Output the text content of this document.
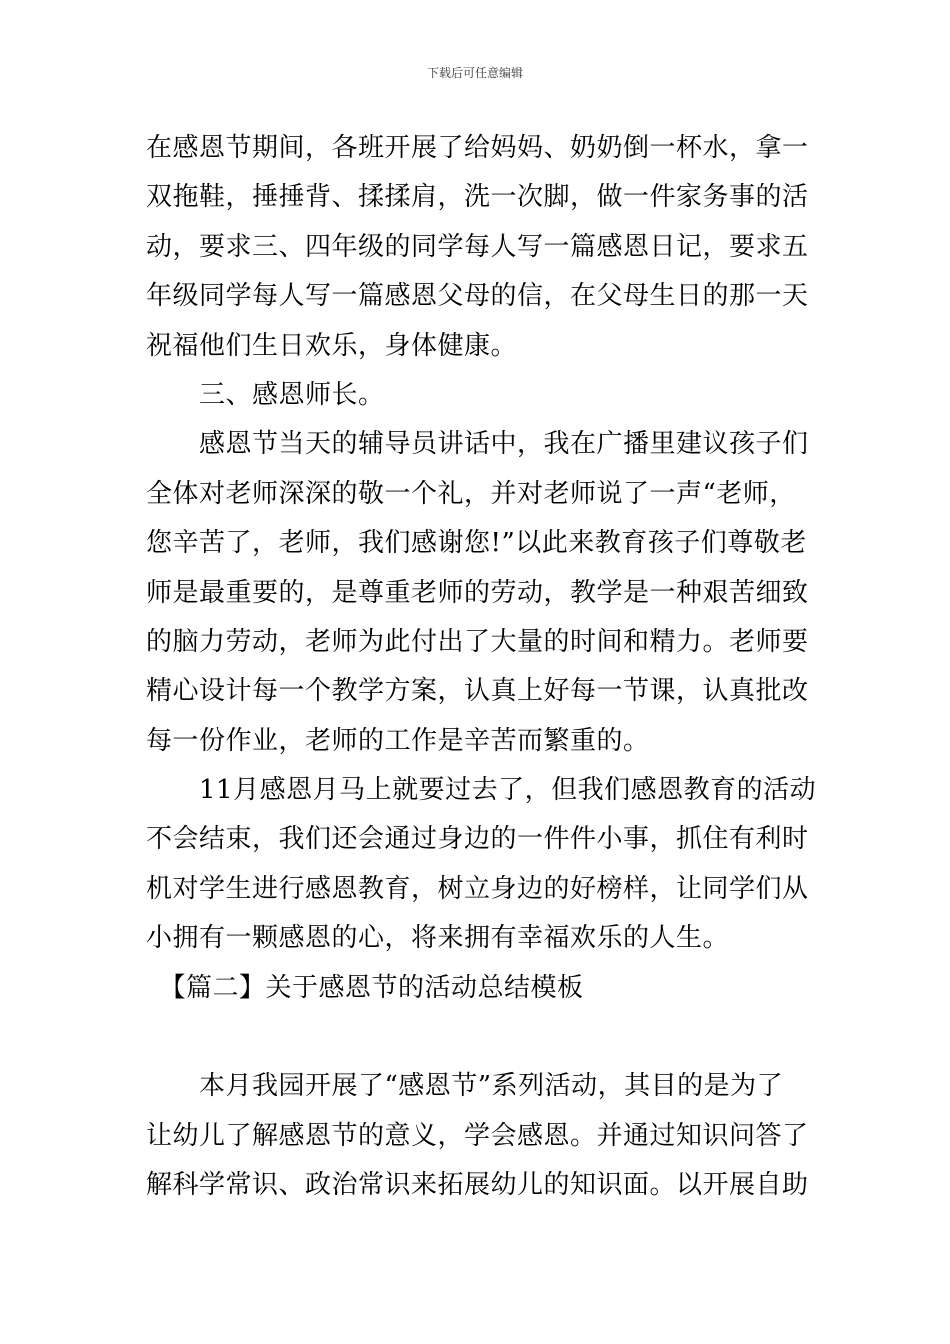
下载后可任意编辑
在感恩节期间，各班开展了给妈妈、奶奶倒一杯水，拿一
双拖鞋，捶捶背、揉揉肩，洗一次脚，做一件家务事的活
动，要求三、四年级的同学每人写一篇感恩日记，要求五
年级同学每人写一篇感恩父母的信，在父母生日的那一天
祝福他们生日欢乐，身体健康。
　　三、感恩师长。
　　感恩节当天的辅导员讲话中，我在广播里建议孩子们
全体对老师深深的敬一个礼，并对老师说了一声“老师，
您辛苦了，老师，我们感谢您!”以此来教育孩子们尊敬老
师是最重要的，是尊重老师的劳动，教学是一种艰苦细致
的脑力劳动，老师为此付出了大量的时间和精力。老师要
精心设计每一个教学方案，认真上好每一节课，认真批改
每一份作业，老师的工作是辛苦而繁重的。
　　11月感恩月马上就要过去了，但我们感恩教育的活动
不会结束，我们还会通过身边的一件件小事，抓住有利时
机对学生进行感恩教育，树立身边的好榜样，让同学们从
小拥有一颗感恩的心，将来拥有幸福欢乐的人生。
　【篇二】关于感恩节的活动总结模板
　　本月我园开展了“感恩节”系列活动，其目的是为了
让幼儿了解感恩节的意义，学会感恩。并通过知识问答了
解科学常识、政治常识来拓展幼儿的知识面。以开展自助
